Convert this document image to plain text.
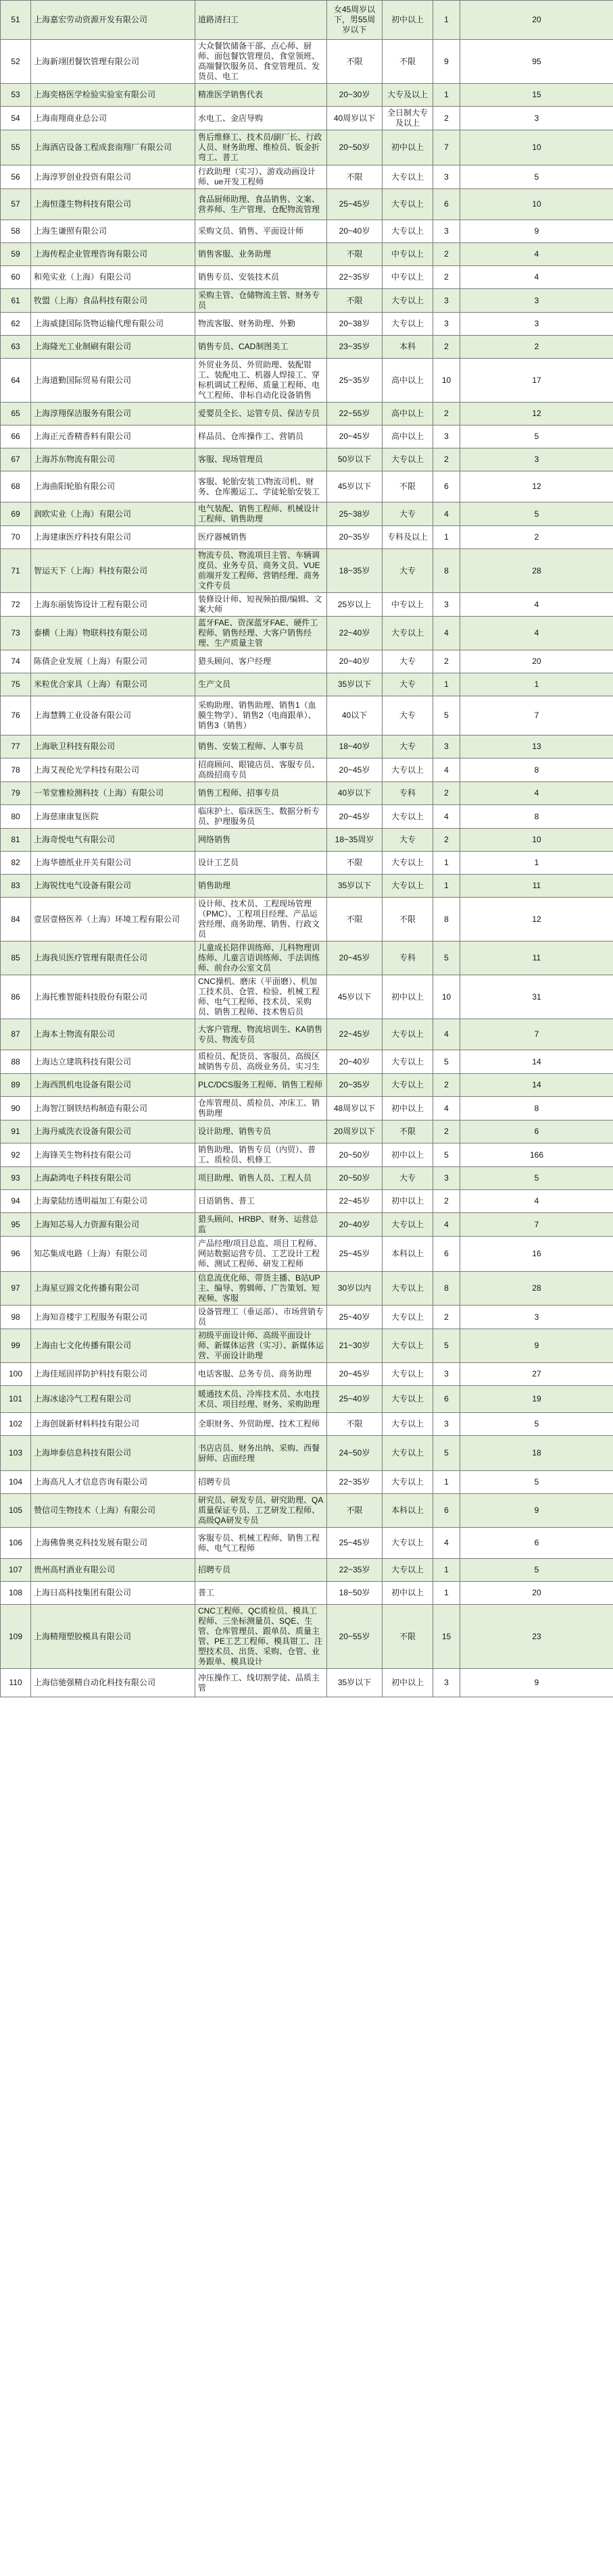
51	上海嘉宏劳动资源开发有限公司	道路清扫工	女45周岁以下，男55周岁以下	初中以上	1	20
52	上海新翊团餐饮管理有限公司	大众餐饮储备干部、点心师、厨师、面包餐饮管理员、食堂领班、高端餐饮服务员、食堂管理员、发货员、电工	不限	不限	9	95
53	上海奕格医学检验实验室有限公司	精准医学销售代表	20~30岁	大专及以上	1	15
54	上海南翔商业总公司	水电工、金店导购	40周岁以下	全日制大专及以上	2	3
55	上海酒店设备工程成套南翔厂有限公司	售后维修工、技术员/副厂长、行政人员、财务助理、维检员、钣金折弯工、普工	20~50岁	初中以上	7	10
56	上海淳罗创业投资有限公司	行政助理（实习）、游戏动画设计师、ue开发工程师	不限	大专以上	3	5
57	上海恒蓬生物科技有限公司	食品厨师助理、食品销售、文案、营养师、生产管理、仓配物流管理	25~45岁	大专以上	6	10
58	上海生谦照有限公司	采购文员、销售、平面设计师	20~40岁	大专以上	3	9
59	上海传程企业管理咨询有限公司	销售客服、业务助理	不限	中专以上	2	4
60	和苑实业（上海）有限公司	销售专员、安装技术员	22~35岁	中专以上	2	4
61	牧盟（上海）食品科技有限公司	采购主管、仓储物流主管、财务专员	不限	大专以上	3	3
62	上海威捷国际货物运输代理有限公司	物流客服、财务助理、外勤	20~38岁	大专以上	3	3
63	上海隆光工业制刷有限公司	销售专员、CAD制图美工	23~35岁	本科	2	2
64	上海道勤国际贸易有限公司	外贸业务员、外贸助理、装配钳工、装配电工、机器人焊接工、穿标机调试工程师、质量工程师、电气工程师、非标自动化设备销售	25~35岁	高中以上	10	17
65	上海淳翔保洁服务有限公司	爱婴员全长、运管专员、保洁专员	22~55岁	高中以上	2	12
66	上海正元香精香料有限公司	样品员、仓库操作工、营销员	20~45岁	高中以上	3	5
67	上海苏东物流有限公司	客服、现场管理员	50岁以下	大专以上	2	3
68	上海曲阳轮胎有限公司	客服、轮胎安装工\物流司机、财务、仓库搬运工、学徒轮胎安装工	45岁以下	不限	6	12
69	润欧实业（上海）有限公司	电气装配、销售工程师、机械设计工程师、销售助理	25~38岁	大专	4	5
70	上海建康医疗科技有限公司	医疗器械销售	20~35岁	专科及以上	1	2
71	智运天下（上海）科技有限公司	物流专员、物流项目主管、车辆调度员、业务专员、商务文员、VUE前端开发工程师、营销经理、商务文件专员	18~35岁	大专	8	28
72	上海东丽装饰设计工程有限公司	装修设计师、短视频拍摄/编辑、文案大师	25岁以上	中专以上	3	4
73	泰横（上海）物联科技有限公司	蓝牙FAE、资深蓝牙FAE、硬件工程师、销售经理、大客户销售经理、生产质量主管	22~40岁	大专以上	4	4
74	陈倩企业发展（上海）有限公司	猎头顾问、客户经理	20~40岁	大专	2	20
75	米粒优合家具（上海）有限公司	生产文员	35岁以下	大专	1	1
76	上海慧腾工业设备有限公司	采购助理、销售助理、销售1（血膜生物学）、销售2（电商跟单）、销售3（销售）	40以下	大专	5	7
77	上海耿卫科技有限公司	销售、安装工程师、人事专员	18~40岁	大专	3	13
78	上海艾视伦光学科技有限公司	招商顾问、眼镜店员、客服专员、高级招商专员	20~45岁	大专以上	4	8
79	一苇堂雅检测科技（上海）有限公司	销售工程师、招事专员	40岁以下	专科	2	4
80	上海慈康康复医院	临床护士、临床医生、数据分析专员、护理服务员	20~45岁	大专以上	4	8
81	上海奇悦电气有限公司	网络销售	18~35周岁	大专	2	10
82	上海华德纸业开关有限公司	设计工艺员	不限	大专以上	1	1
83	上海锐忱电气设备有限公司	销售助理	35岁以下	大专以上	1	11
84	壹居壹格医养（上海）环境工程有限公司	设计师、技术员、工程现场管理（PMC）、工程项目经理、产品运营经理、商务助理、销售、行政文员	不限	不限	8	12
85	上海我贝医疗管理有限责任公司	儿童成长陪伴训练师、儿科物理训练师、儿童言语训练师、手法训练师、前台办公室文员	20~45岁	专科	5	11
86	上海托雅智能科技股份有限公司	CNC操机、磨床（平面磨）、机加工技术员、仓管、检验、机械工程师、电气工程师、技术员、采购员、销售工程师、技术售后员	45岁以下	初中以上	10	31
87	上海本土物流有限公司	大客户管理、物流培训生、KA销售专员、物流专员	22~45岁	大专以上	4	7
88	上海达立建筑科技有限公司	质检员、配货员、客服员、高级区域销售专员、高级业务员、实习生	20~40岁	大专以上	5	14
89	上海西凯机电设备有限公司	PLC/DCS服务工程师、销售工程师	20~35岁	大专以上	2	14
90	上海智江钢铁结构制造有限公司	仓库管理员、质检员、冲床工、销售助理	48周岁以下	初中以上	4	8
91	上海丹威洗衣设备有限公司	设计助理、销售专员	20周岁以下	不限	2	6
92	上海锋芙生物科技有限公司	销售助理、销售专员（内贸）、普工、质检员、机修工	20~50岁	初中以上	5	166
93	上海勐鸿电子科技有限公司	项目助理、销售人员、工程人员	20~50岁	大专	3	5
94	上海蒙陆纺透明福加工有限公司	日语销售、普工	22~45岁	初中以上	2	4
95	上海知芯易人力资源有限公司	猎头顾问、HRBP、财务、运营总监	20~40岁	大专以上	4	7
96	知芯集成电路（上海）有限公司	产品经理/项目总监、项目工程师、网站数据运营专员、工艺设计工程师、测试工程师、研发工程师	25~45岁	本科以上	6	16
97	上海星豆圆文化传播有限公司	信息流优化师、带货主播、B站UP主、编导、剪辑师、广告策划、短视频、客服	30岁以内	大专以上	8	28
98	上海知音楼宇工程服务有限公司	设备管理工（垂运部）、市场营销专员	25~40岁	大专以上	2	3
99	上海由七文化传播有限公司	初级平面设计师、高级平面设计师、新媒体运营（实习）、新媒体运营、平面设计助理	21~30岁	大专以上	5	9
100	上海佳瑶固祥防护科技有限公司	电话客服、总务专员、商务助理	20~45岁	大专以上	3	27
101	上海冰途冷气工程有限公司	暖通技术员、冷库技术员、水电技术员、项目经理、财务、采购助理	25~40岁	大专以上	6	19
102	上海创晟新材料科技有限公司	全职财务、外贸助理、技术工程师	不限	大专以上	3	5
103	上海坤泰信息科技有限公司	书店店员、财务出纳、采购、西餐厨师、店面经理	24~50岁	大专以上	5	18
104	上海高凡人才信息咨询有限公司	招聘专员	22~35岁	大专以上	1	5
105	赞信司生物技术（上海）有限公司	研究员、研发专员、研究助理、QA质量保证专员、工艺研发工程师、高级QA研发专员	不限	本科以上	6	9
106	上海佛鲁奥克科技发展有限公司	客服专员、机械工程师、销售工程师、电气工程师	25~45岁	大专以上	4	6
107	贵州高村酒业有限公司	招聘专员	22~35岁	大专以上	1	5
108	上海日高科技集团有限公司	普工	18~50岁	初中以上	1	20
109	上海精翔塑胶模具有限公司	CNC工程师、QC质检员、模具工程师、三坐标测量员、SQE、生管、仓库管理员、跟单员、质量主管、PE工艺工程师、模具钳工、注塑技术员、出货、采购、仓管、业务跟单、模具设计	20~55岁	不限	15	23
110	上海信驰强精自动化科技有限公司	冲压操作工、线切割学徒、品质主管	35岁以下	初中以上	3	9
